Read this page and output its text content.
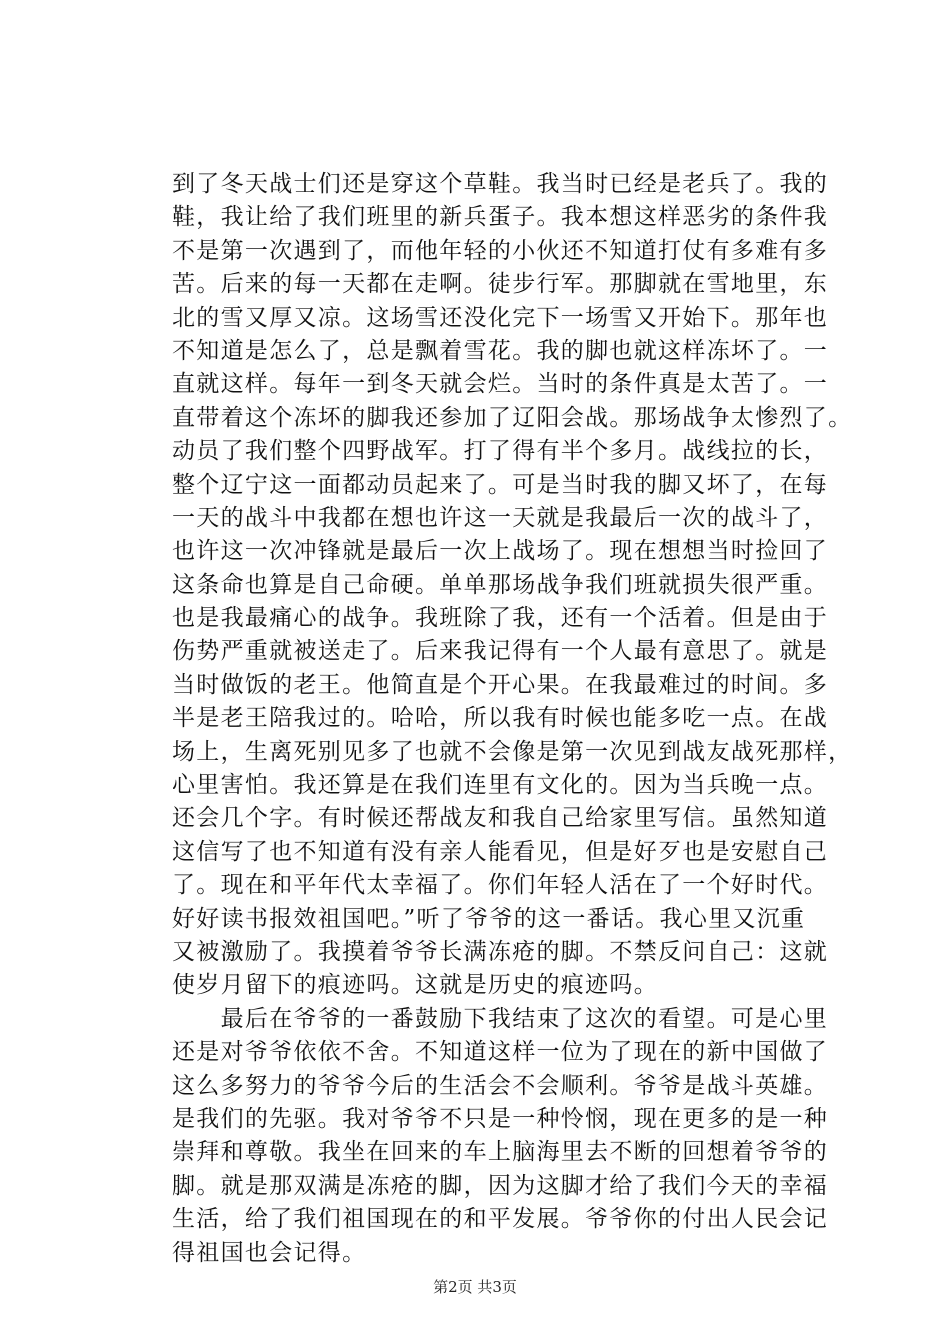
到了冬天战士们还是穿这个草鞋。我当时已经是老兵了。我的
鞋，我让给了我们班里的新兵蛋子。我本想这样恶劣的条件我
不是第一次遇到了，而他年轻的小伙还不知道打仗有多难有多
苦。后来的每一天都在走啊。徒步行军。那脚就在雪地里，东
北的雪又厚又凉。这场雪还没化完下一场雪又开始下。那年也
不知道是怎么了，总是飘着雪花。我的脚也就这样冻坏了。一
直就这样。每年一到冬天就会烂。当时的条件真是太苦了。一
直带着这个冻坏的脚我还参加了辽阳会战。那场战争太惨烈了。
动员了我们整个四野战军。打了得有半个多月。战线拉的长，
整个辽宁这一面都动员起来了。可是当时我的脚又坏了，在每
一天的战斗中我都在想也许这一天就是我最后一次的战斗了，
也许这一次冲锋就是最后一次上战场了。现在想想当时捡回了
这条命也算是自己命硬。单单那场战争我们班就损失很严重。
也是我最痛心的战争。我班除了我，还有一个活着。但是由于
伤势严重就被送走了。后来我记得有一个人最有意思了。就是
当时做饭的老王。他简直是个开心果。在我最难过的时间。多
半是老王陪我过的。哈哈，所以我有时候也能多吃一点。在战
场上，生离死别见多了也就不会像是第一次见到战友战死那样，
心里害怕。我还算是在我们连里有文化的。因为当兵晚一点。
还会几个字。有时候还帮战友和我自己给家里写信。虽然知道
这信写了也不知道有没有亲人能看见，但是好歹也是安慰自己
了。现在和平年代太幸福了。你们年轻人活在了一个好时代。
好好读书报效祖国吧。”听了爷爷的这一番话。我心里又沉重
又被激励了。我摸着爷爷长满冻疮的脚。不禁反问自己：这就
使岁月留下的痕迹吗。这就是历史的痕迹吗。
　　最后在爷爷的一番鼓励下我结束了这次的看望。可是心里
还是对爷爷依依不舍。不知道这样一位为了现在的新中国做了
这么多努力的爷爷今后的生活会不会顺利。爷爷是战斗英雄。
是我们的先驱。我对爷爷不只是一种怜悯，现在更多的是一种
崇拜和尊敬。我坐在回来的车上脑海里去不断的回想着爷爷的
脚。就是那双满是冻疮的脚，因为这脚才给了我们今天的幸福
生活，给了我们祖国现在的和平发展。爷爷你的付出人民会记
得祖国也会记得。
第2页 共3页
